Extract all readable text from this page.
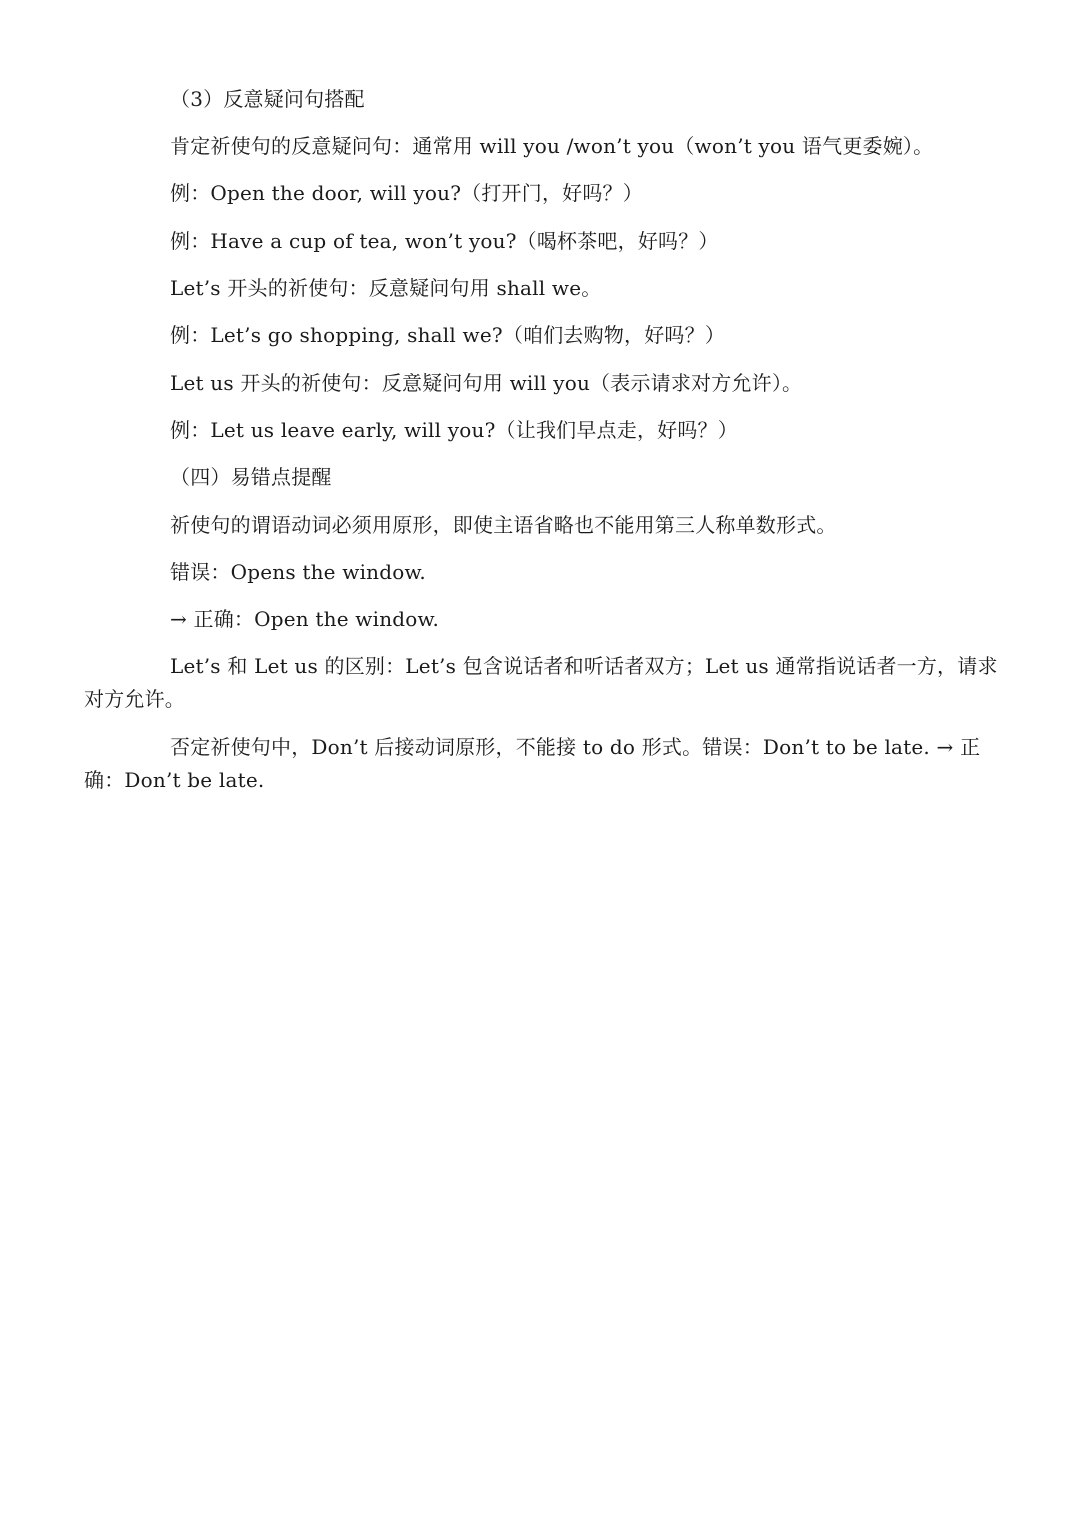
（3）反意疑问句搭配
肯定祈使句的反意疑问句：通常用 will you /won’t you（won’t you 语气更委婉）。
例：Open the door, will you?（打开门，好吗？）
例：Have a cup of tea, won’t you?（喝杯茶吧，好吗？）
Let’s 开头的祈使句：反意疑问句用 shall we。
例：Let’s go shopping, shall we?（咱们去购物，好吗？）
Let us 开头的祈使句：反意疑问句用 will you（表示请求对方允许）。
例：Let us leave early, will you?（让我们早点走，好吗？）
（四）易错点提醒
祈使句的谓语动词必须用原形，即使主语省略也不能用第三人称单数形式。
错误：Opens the window.
→ 正确：Open the window.
Let’s 和 Let us 的区别：Let’s 包含说话者和听话者双方；Let us 通常指说话者一方，请求对方允许。
否定祈使句中，Don’t 后接动词原形，不能接 to do 形式。错误：Don’t to be late. → 正确：Don’t be late.
